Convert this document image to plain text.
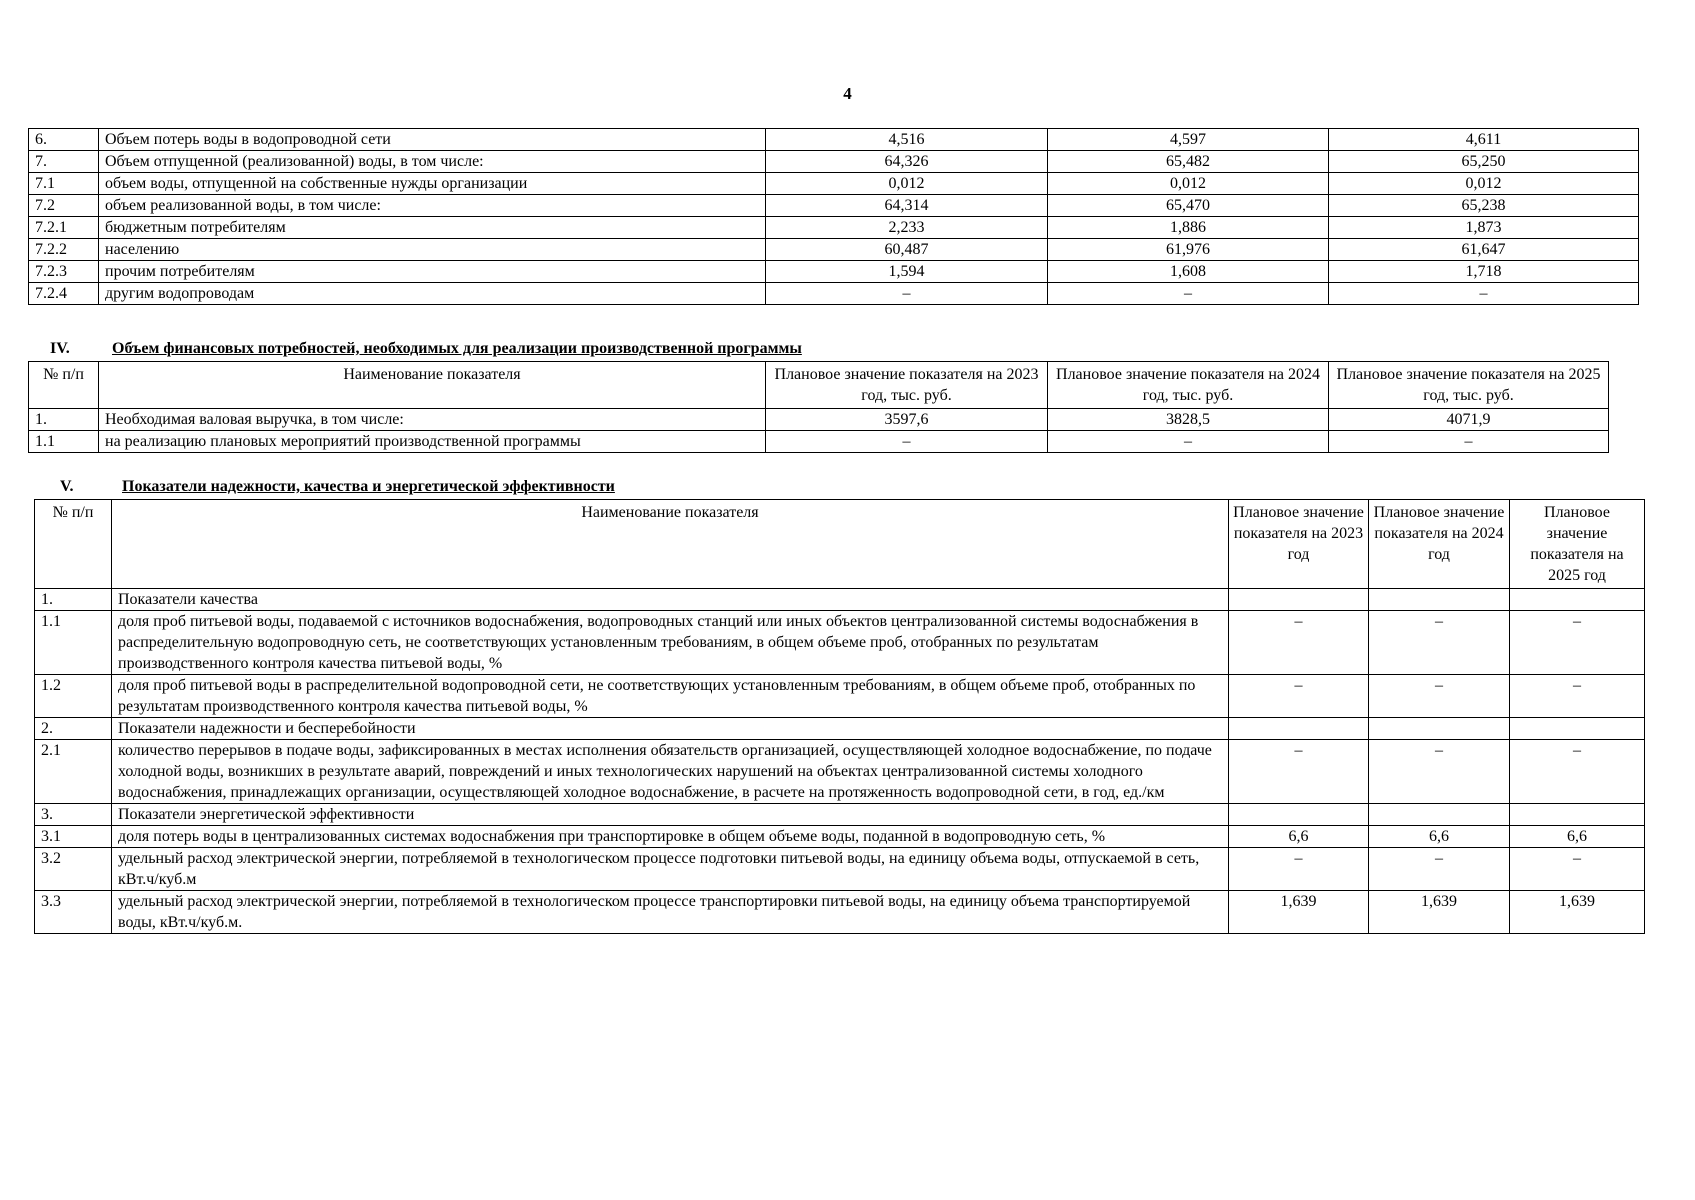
4
6.	Объем потерь воды в водопроводной сети	4,516	4,597	4,611
7.	Объем отпущенной (реализованной) воды, в том числе:	64,326	65,482	65,250
7.1	объем воды, отпущенной на собственные нужды организации	0,012	0,012	0,012
7.2	объем реализованной воды, в том числе:	64,314	65,470	65,238
7.2.1	бюджетным потребителям	2,233	1,886	1,873
7.2.2	населению	60,487	61,976	61,647
7.2.3	прочим потребителям	1,594	1,608	1,718
7.2.4	другим водопроводам	–	–	–
IV.	Объем финансовых потребностей, необходимых для реализации производственной программы
№ п/п	Наименование показателя	Плановое значение показателя на 2023 год, тыс. руб.	Плановое значение показателя на 2024 год, тыс. руб.	Плановое значение показателя на 2025 год, тыс. руб.
1.	Необходимая валовая выручка, в том числе:	3597,6	3828,5	4071,9
1.1	на реализацию плановых мероприятий производственной программы	–	–	–
V.	Показатели надежности, качества и энергетической эффективности
№ п/п	Наименование показателя	Плановое значение показателя на 2023 год	Плановое значение показателя на 2024 год	Плановое значение показателя на 2025 год
1.	Показатели качества			
1.1	доля проб питьевой воды, подаваемой с источников водоснабжения, водопроводных станций или иных объектов централизованной системы водоснабжения в распределительную водопроводную сеть, не соответствующих установленным требованиям, в общем объеме проб, отобранных по результатам производственного контроля качества питьевой воды, %	–	–	–
1.2	доля проб питьевой воды в распределительной водопроводной сети, не соответствующих установленным требованиям, в общем объеме проб, отобранных по результатам производственного контроля качества питьевой воды, %	–	–	–
2.	Показатели надежности и бесперебойности			
2.1	количество перерывов в подаче воды, зафиксированных в местах исполнения обязательств организацией, осуществляющей холодное водоснабжение, по подаче холодной воды, возникших в результате аварий, повреждений и иных технологических нарушений на объектах централизованной системы холодного водоснабжения, принадлежащих организации, осуществляющей холодное водоснабжение, в расчете на протяженность водопроводной сети, в год, ед./км	–	–	–
3.	Показатели энергетической эффективности			
3.1	доля потерь воды в централизованных системах водоснабжения при транспортировке в общем объеме воды, поданной в водопроводную сеть, %	6,6	6,6	6,6
3.2	удельный расход электрической энергии, потребляемой в технологическом процессе подготовки питьевой воды, на единицу объема воды, отпускаемой в сеть, кВт.ч/куб.м	–	–	–
3.3	удельный расход электрической энергии, потребляемой в технологическом процессе транспортировки питьевой воды, на единицу объема транспортируемой воды, кВт.ч/куб.м.	1,639	1,639	1,639
